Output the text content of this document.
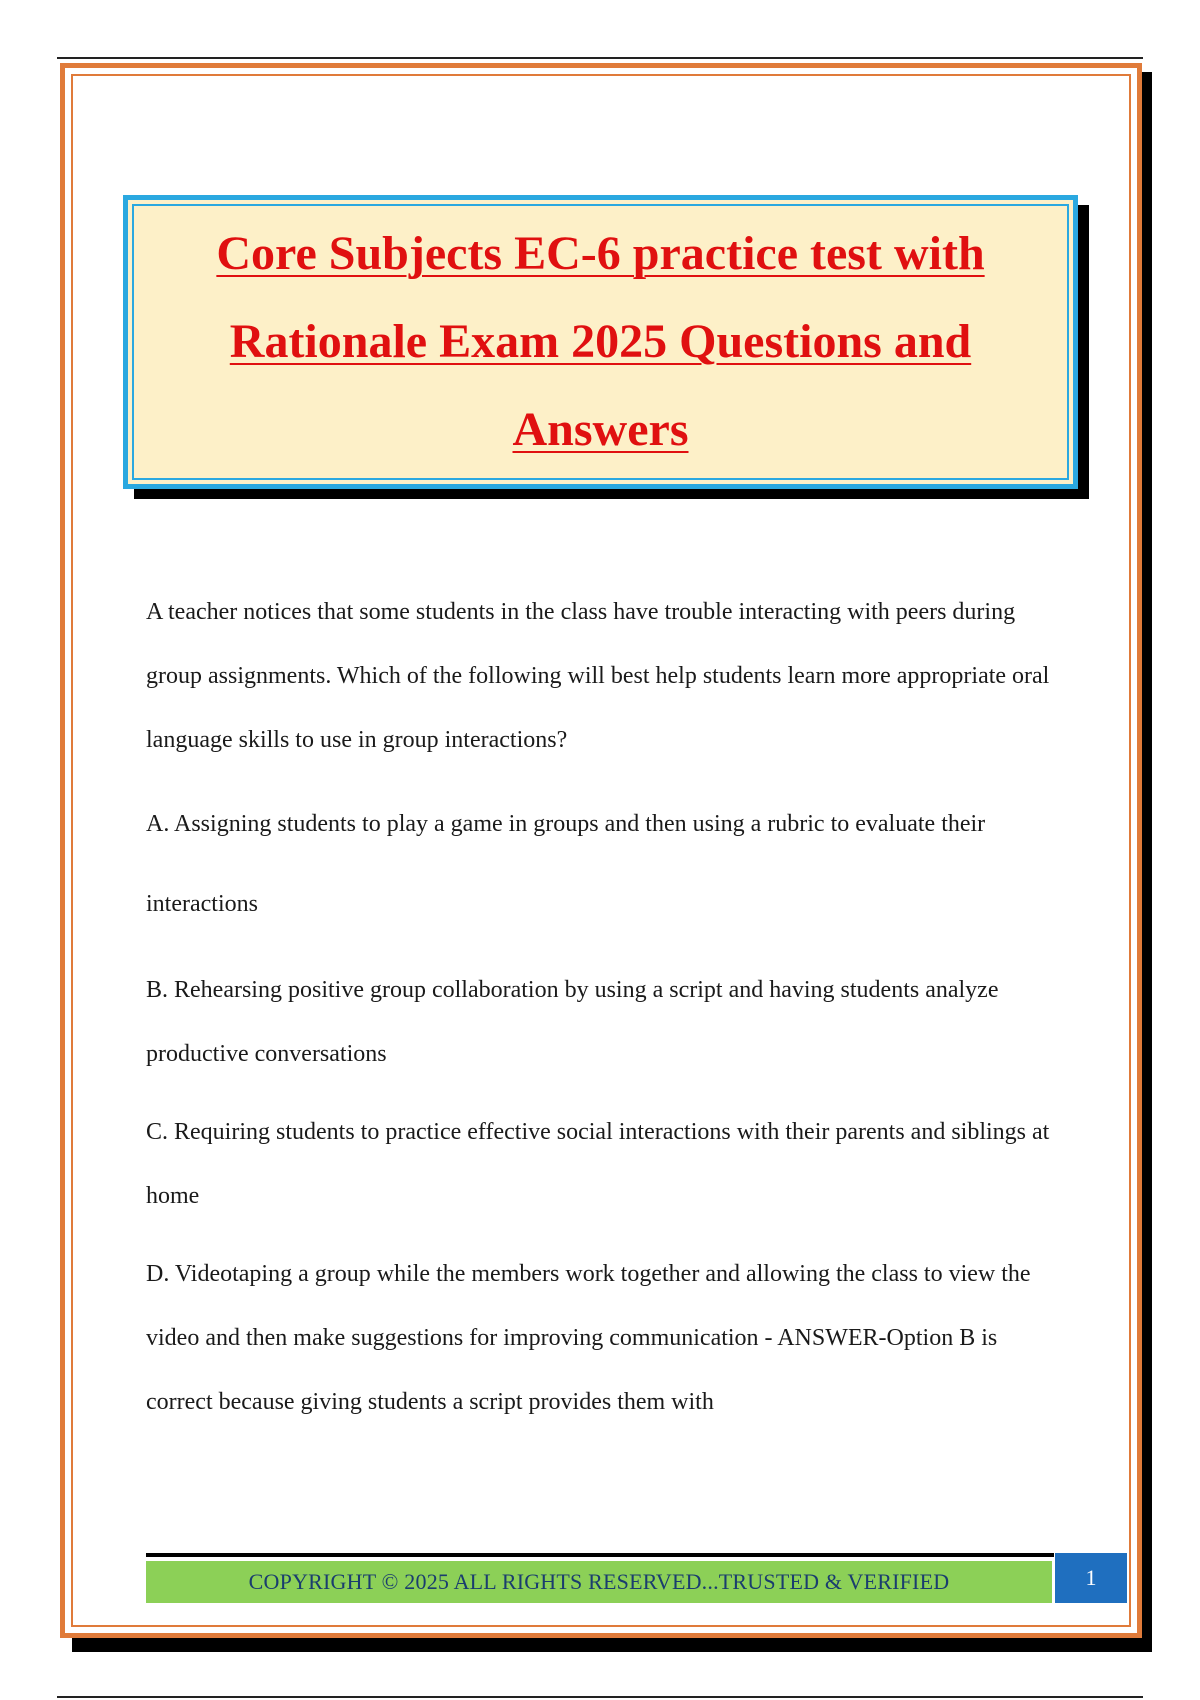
Core Subjects EC-6 practice test with Rationale Exam 2025 Questions and Answers

A teacher notices that some students in the class have trouble interacting with peers during group assignments. Which of the following will best help students learn more appropriate oral language skills to use in group interactions?

A. Assigning students to play a game in groups and then using a rubric to evaluate their interactions

B. Rehearsing positive group collaboration by using a script and having students analyze productive conversations

C. Requiring students to practice effective social interactions with their parents and siblings at home

D. Videotaping a group while the members work together and allowing the class to view the video and then make suggestions for improving communication - ANSWER-Option B is correct because giving students a script provides them with

COPYRIGHT © 2025 ALL RIGHTS RESERVED...TRUSTED & VERIFIED	1
